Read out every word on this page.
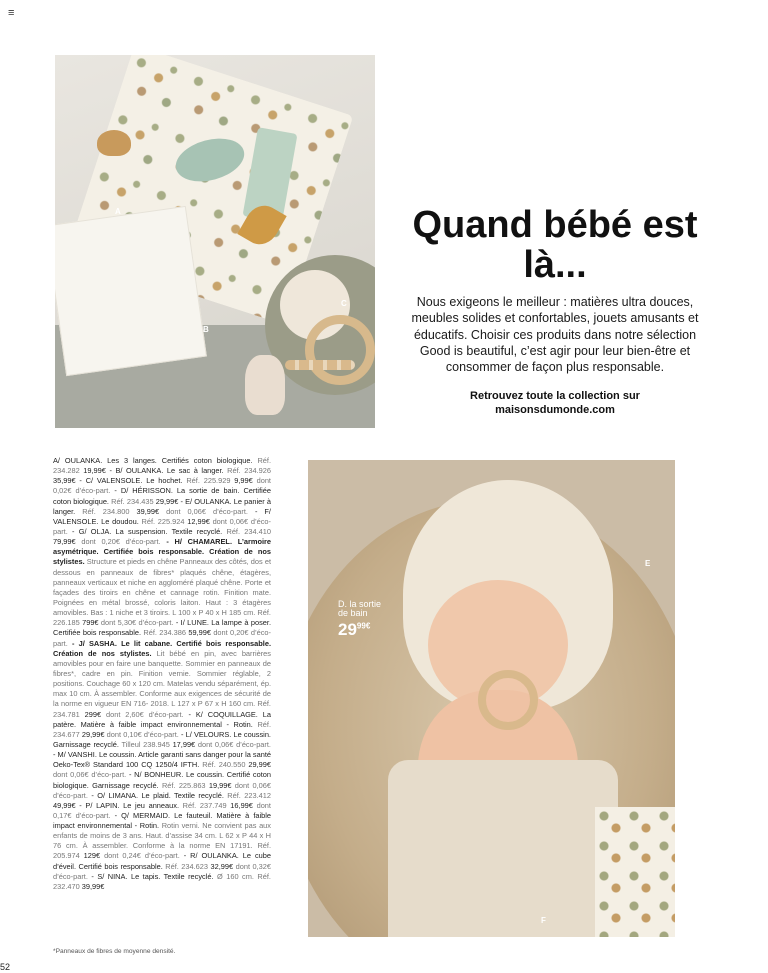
≡
A
B
C
Quand bébé est là...

Nous exigeons le meilleur : matières ultra douces, meubles solides et confortables, jouets amusants et éducatifs. Choisir ces produits dans notre sélection Good is beautiful, c’est agir pour leur bien-être et consommer de façon plus responsable.

Retrouvez toute la collection sur
maisonsdumonde.com

A/ OULANKA. Les 3 langes. Certifiés coton biologique. Réf. 234.282 19,99€ - B/ OULANKA. Le sac à langer. Réf. 234.926 35,99€ - C/ VALENSOLE. Le hochet. Réf. 225.929 9,99€ dont 0,02€ d’éco-part. - D/ HÉRISSON. La sortie de bain. Certifiée coton biologique. Réf. 234.435 29,99€ - E/ OULANKA. Le panier à langer. Réf. 234.800 39,99€ dont 0,06€ d’éco-part. - F/ VALENSOLE. Le doudou. Réf. 225.924 12,99€ dont 0,06€ d’éco-part. - G/ OLJA. La suspension. Textile recyclé. Réf. 234.410 79,99€ dont 0,20€ d’éco-part. - H/ CHAMAREL. L’armoire asymétrique. Certifiée bois responsable. Création de nos stylistes. Structure et pieds en chêne Panneaux des côtés, dos et dessous en panneaux de fibres* plaqués chêne, étagères, panneaux verticaux et niche en aggloméré plaqué chêne. Porte et façades des tiroirs en chêne et cannage rotin. Finition mate. Poignées en métal brossé, coloris laiton. Haut : 3 étagères amovibles. Bas : 1 niche et 3 tiroirs. L 100 x P 40 x H 185 cm. Réf. 226.185 799€ dont 5,30€ d’éco-part. - I/ LUNE. La lampe à poser. Certifiée bois responsable. Réf. 234.386 59,99€ dont 0,20€ d’éco-part. - J/ SASHA. Le lit cabane. Certifié bois responsable. Création de nos stylistes. Lit bébé en pin, avec barrières amovibles pour en faire une banquette. Sommier en panneaux de fibres*, cadre en pin. Finition vernie. Sommier réglable, 2 positions. Couchage 60 x 120 cm. Matelas vendu séparément, ép. max 10 cm. À assembler. Conforme aux exigences de sécurité de la norme en vigueur EN 716- 2018. L 127 x P 67 x H 160 cm. Réf. 234.781 299€ dont 2,60€ d’éco-part. - K/ COQUILLAGE. La patère. Matière à faible impact environnemental - Rotin. Réf. 234.677 29,99€ dont 0,10€ d’éco-part. - L/ VELOURS. Le coussin. Garnissage recyclé. Tilleul 238.945 17,99€ dont 0,06€ d’éco-part. - M/ VANSHI. Le coussin. Article garanti sans danger pour la santé Oeko-Tex® Standard 100 CQ 1250/4 IFTH. Réf. 240.550 29,99€ dont 0,06€ d’éco-part. - N/ BONHEUR. Le coussin. Certifié coton biologique. Garnissage recyclé. Réf. 225.863 19,99€ dont 0,06€ d’éco-part. - O/ LIMANA. Le plaid. Textile recyclé. Réf. 223.412 49,99€ - P/ LAPIN. Le jeu anneaux. Réf. 237.749 16,99€ dont 0,17€ d’éco-part. - Q/ MERMAID. Le fauteuil. Matière à faible impact environnemental - Rotin. Rotin verni. Ne convient pas aux enfants de moins de 3 ans. Haut. d’assise 34 cm. L 62 x P 44 x H 76 cm. À assembler. Conforme à la norme EN 17191. Réf. 205.974 129€ dont 0,24€ d’éco-part. - R/ OULANKA. Le cube d’éveil. Certifié bois responsable. Réf. 234.623 32,99€ dont 0,32€ d’éco-part. - S/ NINA. Le tapis. Textile recyclé. Ø 160 cm. Réf. 232.470 39,99€

*Panneaux de fibres de moyenne densité.
D. la sortie
de bain
$29^{99€}$
E
F
52
